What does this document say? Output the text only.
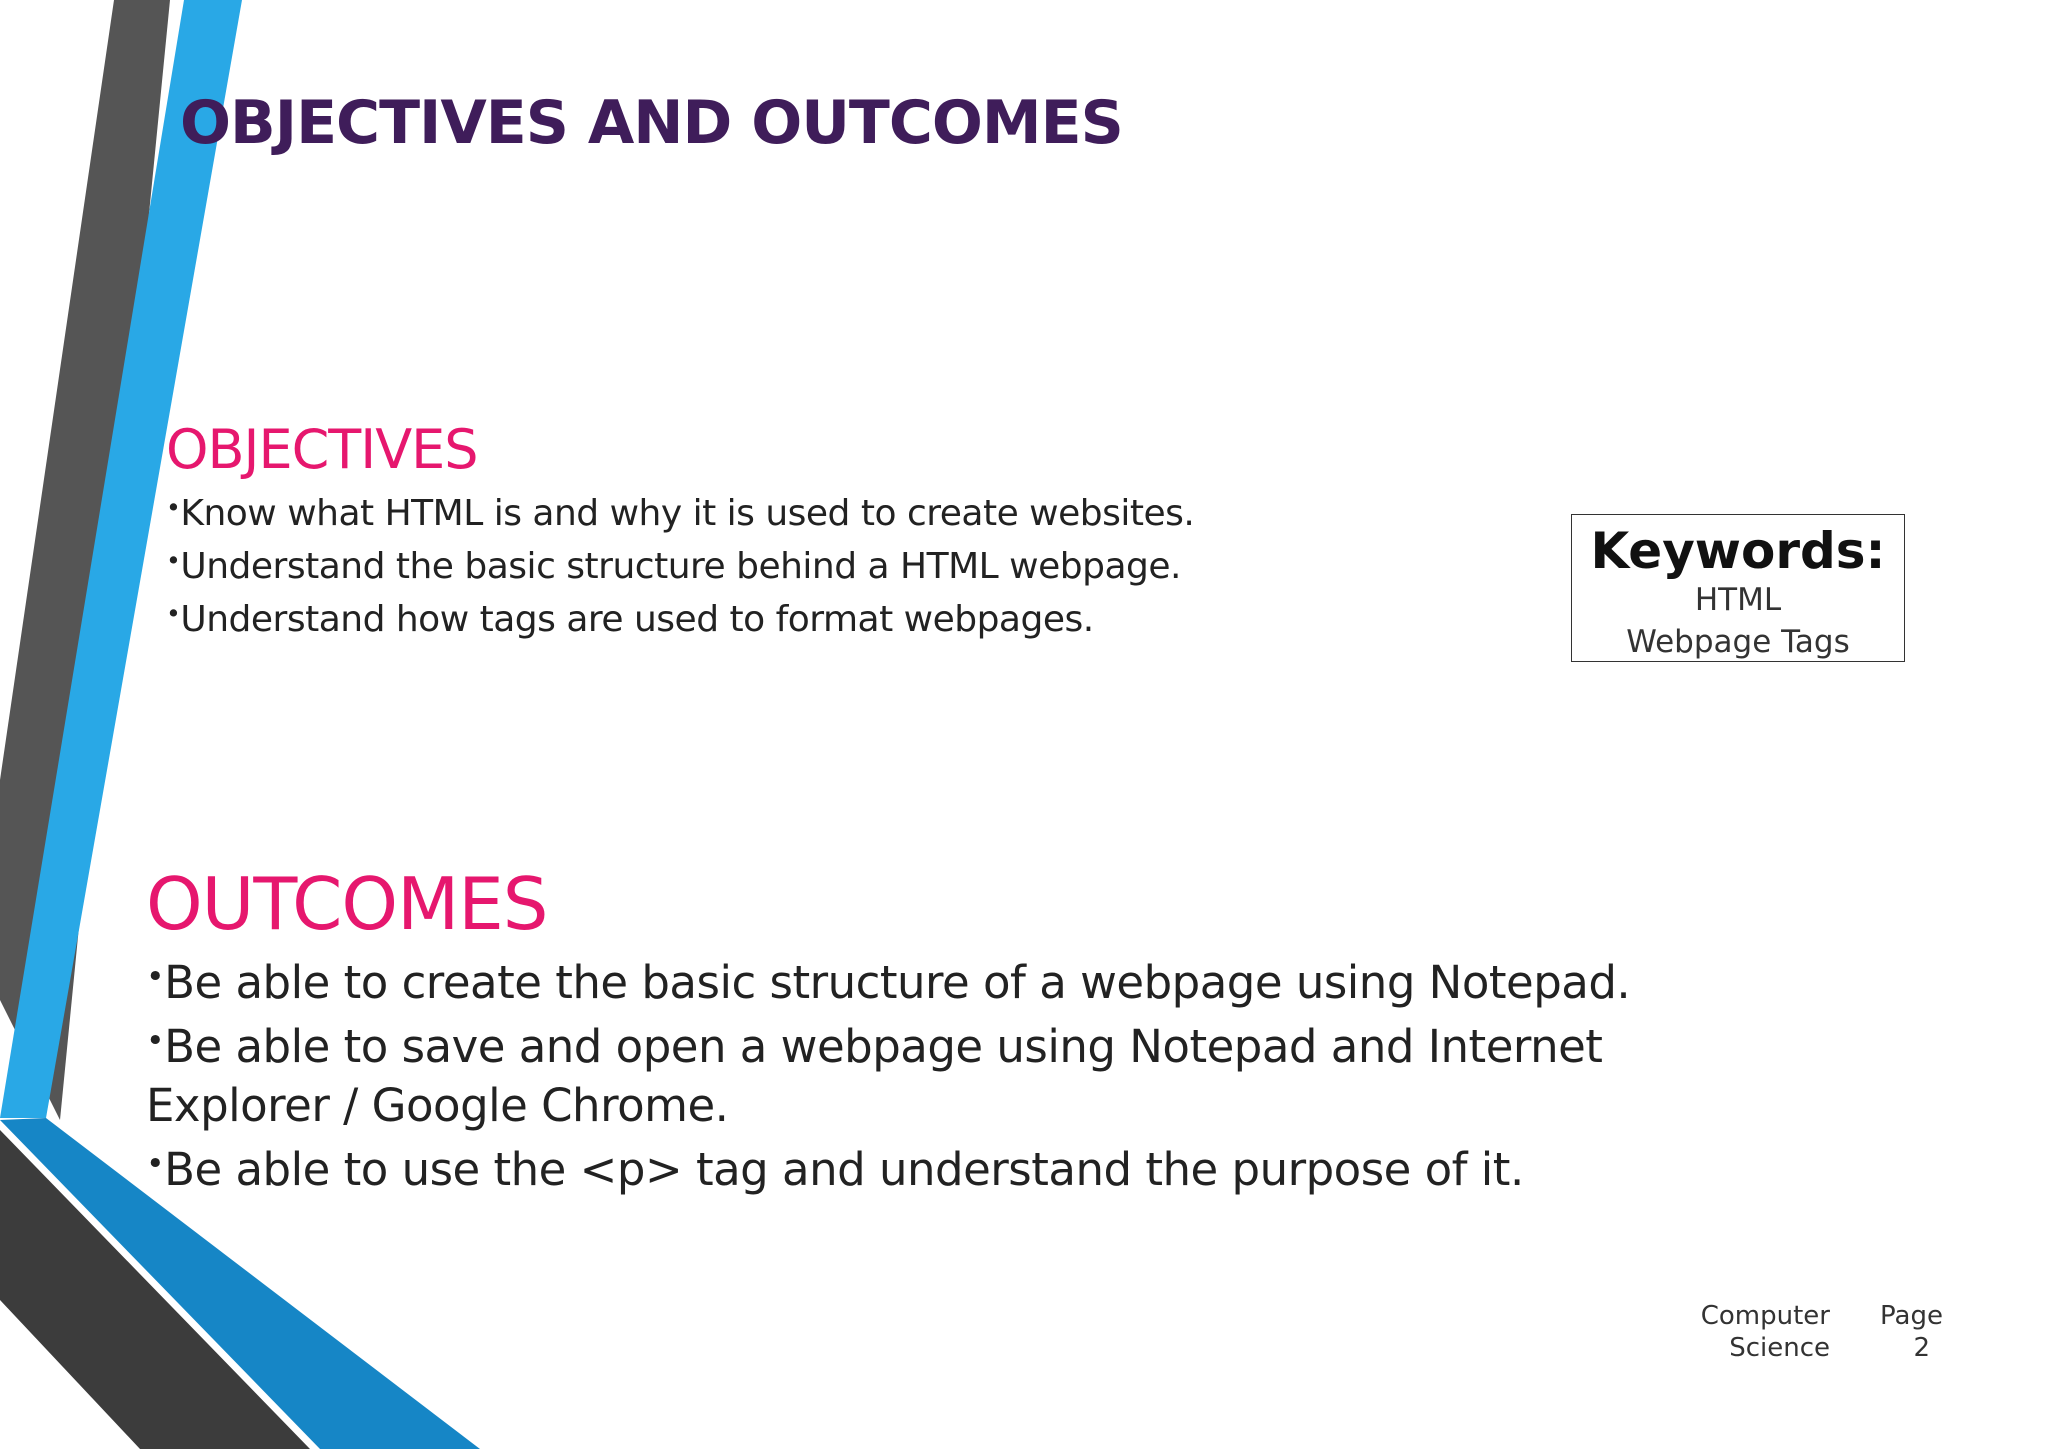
OBJECTIVES AND OUTCOMES
OBJECTIVES
•Know what HTML is and why it is used to create websites.
•Understand the basic structure behind a HTML webpage.
•Understand how tags are used to format webpages.
Keywords:
HTML
Webpage Tags
OUTCOMES
•Be able to create the basic structure of a webpage using Notepad.
•Be able to save and open a webpage using Notepad and Internet Explorer / Google Chrome.
•Be able to use the <p> tag and understand the purpose of it.
Computer Science
Page 2
